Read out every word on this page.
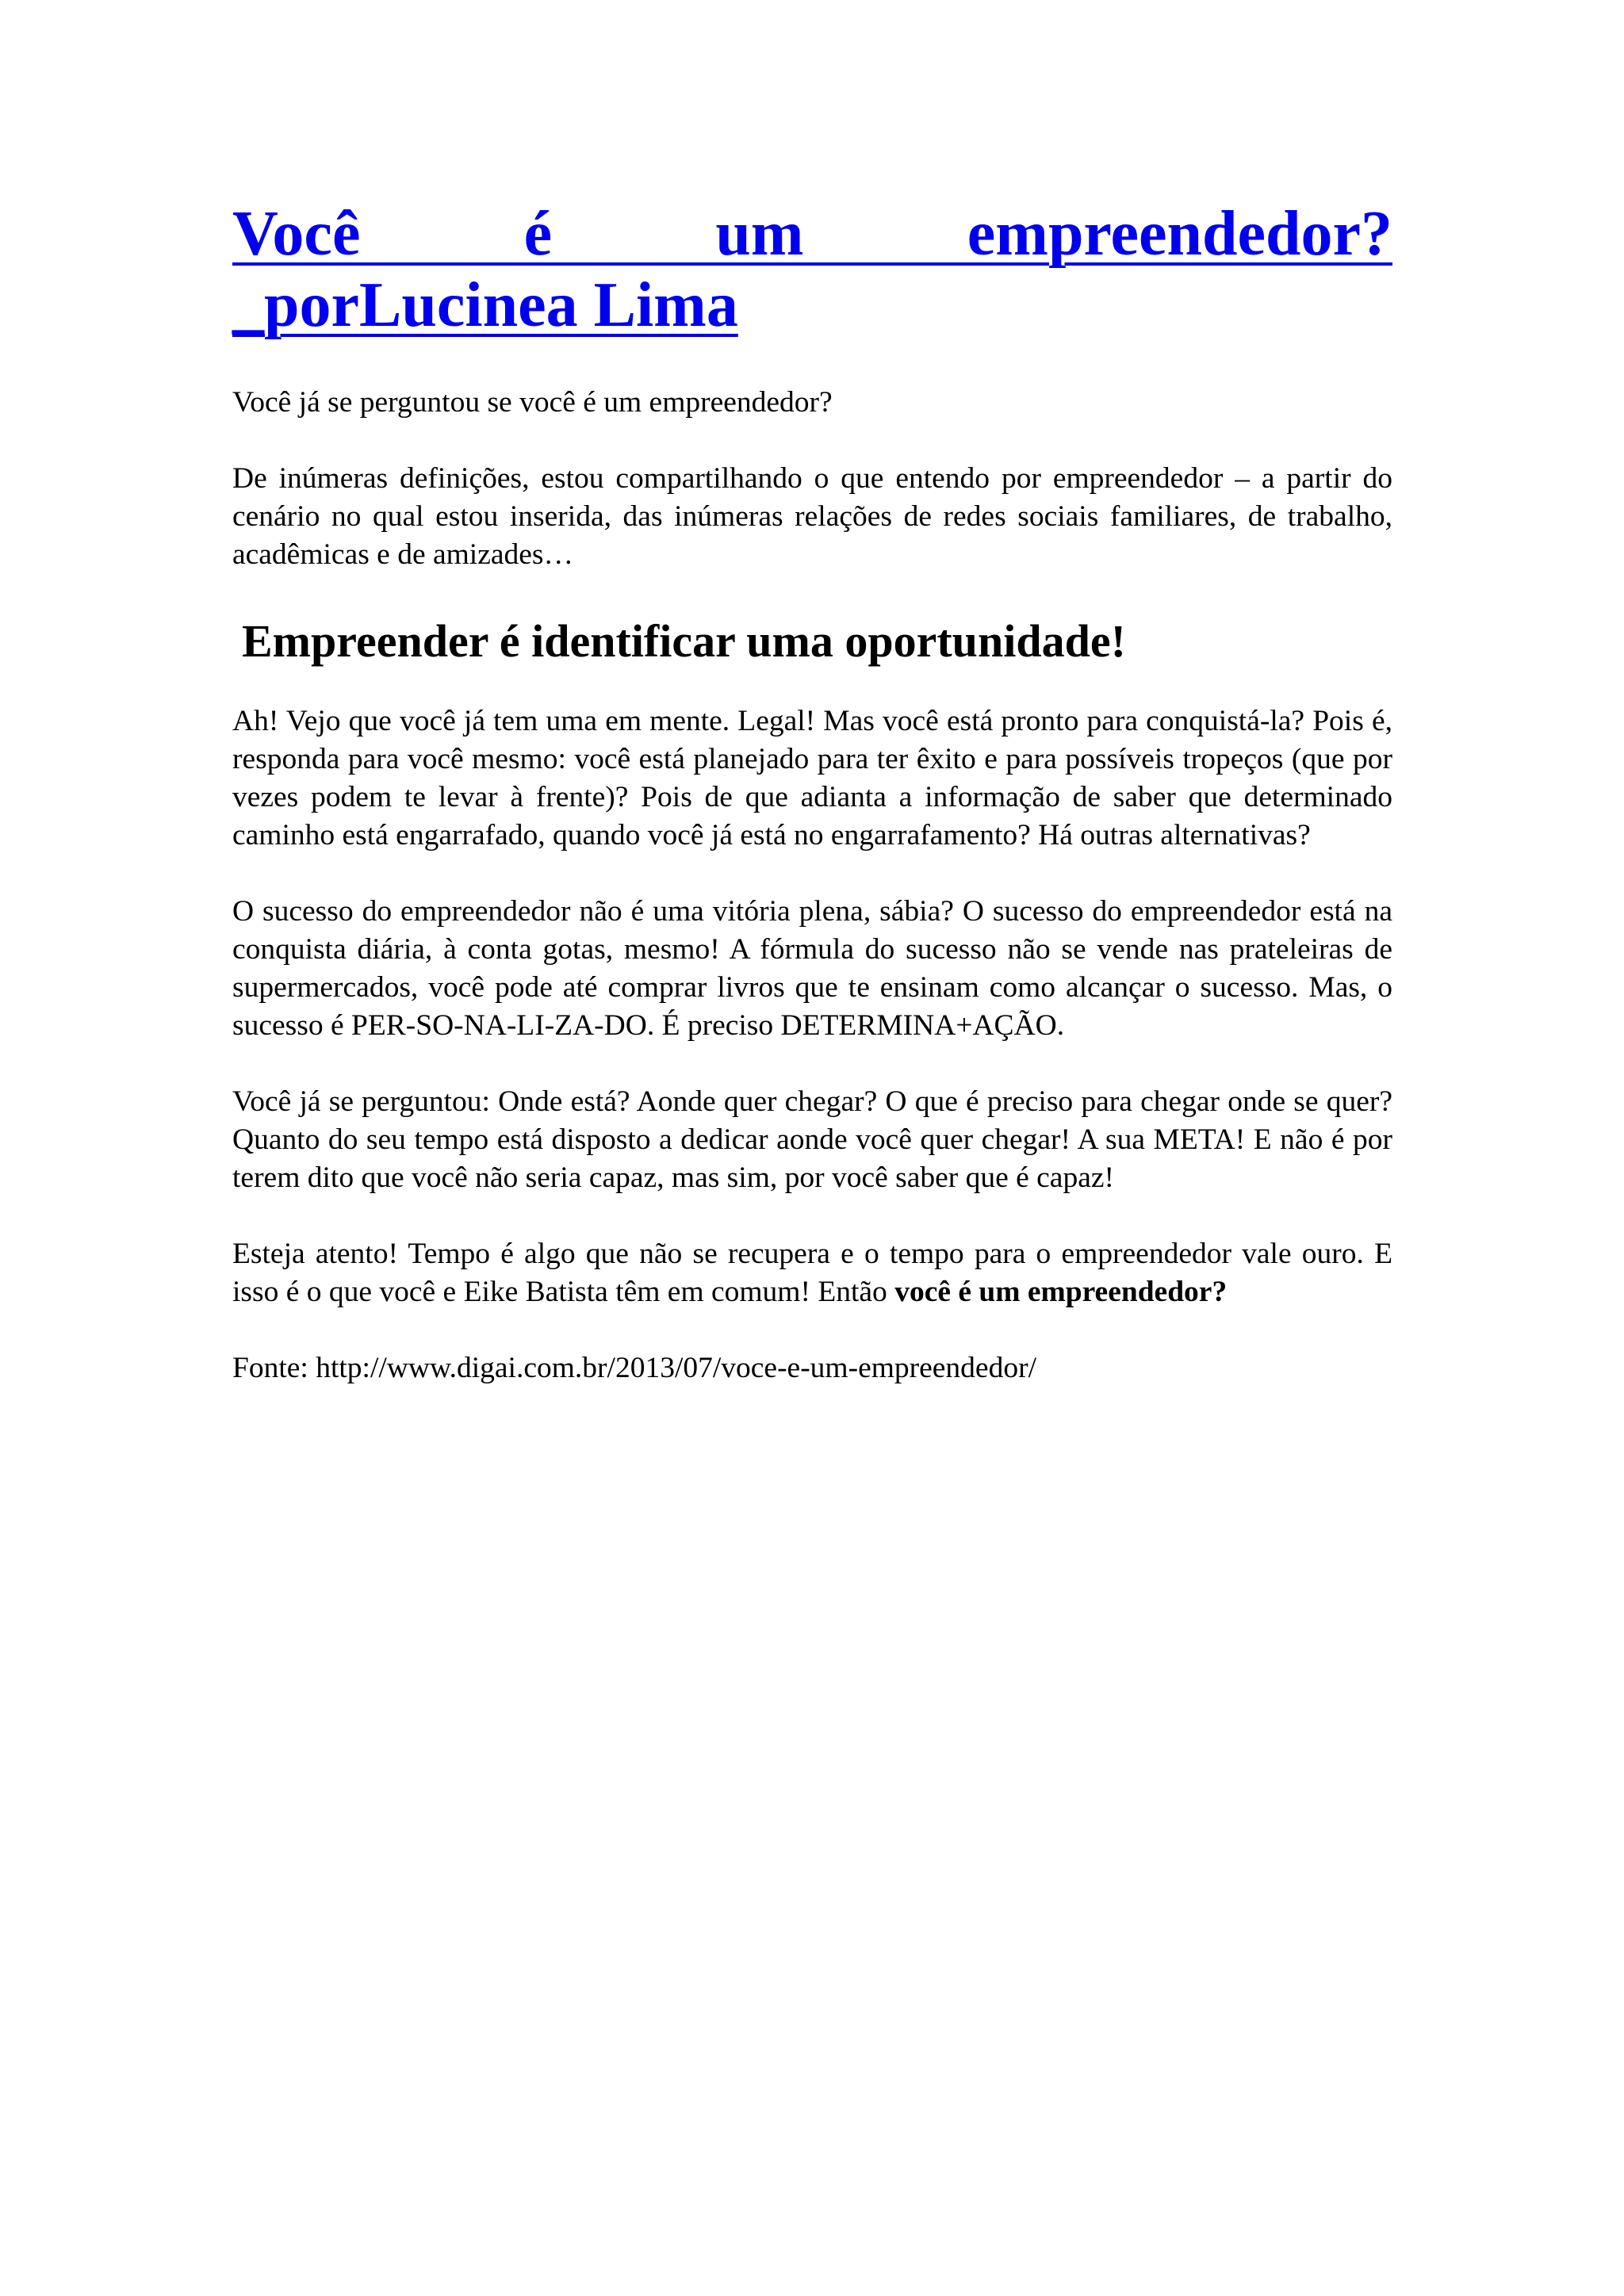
Você é um empreendedor?
_porLucinea Lima

Você já se perguntou se você é um empreendedor?

De inúmeras definições, estou compartilhando o que entendo por empreendedor – a partir do cenário no qual estou inserida, das inúmeras relações de redes sociais familiares, de trabalho, acadêmicas e de amizades…

Empreender é identificar uma oportunidade!

Ah! Vejo que você já tem uma em mente. Legal! Mas você está pronto para conquistá-la? Pois é, responda para você mesmo: você está planejado para ter êxito e para possíveis tropeços (que por vezes podem te levar à frente)? Pois de que adianta a informação de saber que determinado caminho está engarrafado, quando você já está no engarrafamento? Há outras alternativas?

O sucesso do empreendedor não é uma vitória plena, sábia? O sucesso do empreendedor está na conquista diária, à conta gotas, mesmo! A fórmula do sucesso não se vende nas prateleiras de supermercados, você pode até comprar livros que te ensinam como alcançar o sucesso. Mas, o sucesso é PER-SO-NA-LI-ZA-DO. É preciso DETERMINA+AÇÃO.

Você já se perguntou: Onde está? Aonde quer chegar? O que é preciso para chegar onde se quer? Quanto do seu tempo está disposto a dedicar aonde você quer chegar! A sua META! E não é por terem dito que você não seria capaz, mas sim, por você saber que é capaz!

Esteja atento! Tempo é algo que não se recupera e o tempo para o empreendedor vale ouro. E isso é o que você e Eike Batista têm em comum! Então você é um empreendedor?

Fonte: http://www.digai.com.br/2013/07/voce-e-um-empreendedor/
